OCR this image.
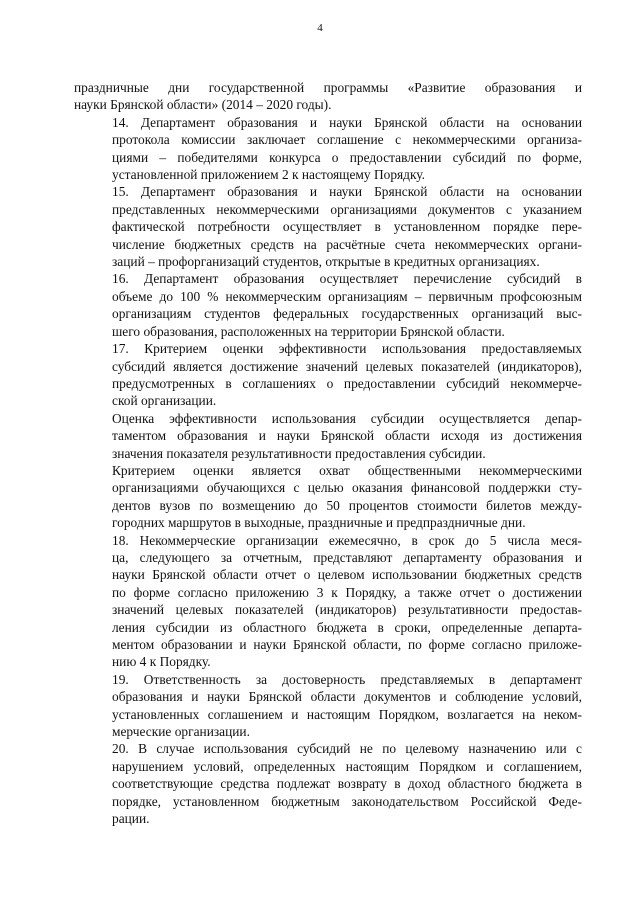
4

праздничные дни государственной программы «Развитие образования и
науки Брянской области» (2014 – 2020 годы).

14. Департамент образования и науки Брянской области на основании
протокола комиссии заключает соглашение с некоммерческими организа-
циями – победителями конкурса о предоставлении субсидий по форме,
установленной приложением 2 к настоящему Порядку.

15. Департамент образования и науки Брянской области на основании
представленных некоммерческими организациями документов с указанием
фактической потребности осуществляет в установленном порядке пере-
числение бюджетных средств на расчётные счета некоммерческих органи-
заций – профорганизаций студентов, открытые в кредитных организациях.

16. Департамент образования осуществляет перечисление субсидий в
объеме до 100 % некоммерческим организациям – первичным профсоюзным
организациям студентов федеральных государственных организаций выс-
шего образования, расположенных на территории Брянской области.

17. Критерием оценки эффективности использования предоставляемых
субсидий является достижение значений целевых показателей (индикаторов),
предусмотренных в соглашениях о предоставлении субсидий некоммерче-
ской организации.

Оценка эффективности использования субсидии осуществляется депар-
таментом образования и науки Брянской области исходя из достижения
значения показателя результативности предоставления субсидии.

Критерием оценки является охват общественными некоммерческими
организациями обучающихся с целью оказания финансовой поддержки сту-
дентов вузов по возмещению до 50 процентов стоимости билетов между-
городних маршрутов в выходные, праздничные и предпраздничные дни.

18. Некоммерческие организации ежемесячно, в срок до 5 числа меся-
ца, следующего за отчетным, представляют департаменту образования и
науки Брянской области отчет о целевом использовании бюджетных средств
по форме согласно приложению 3 к Порядку, а также отчет о достижении
значений целевых показателей (индикаторов) результативности предостав-
ления субсидии из областного бюджета в сроки, определенные департа-
ментом образовании и науки Брянской области, по форме согласно приложе-
нию 4 к Порядку.

19. Ответственность за достоверность представляемых в департамент
образования и науки Брянской области документов и соблюдение условий,
установленных соглашением и настоящим Порядком, возлагается на неком-
мерческие организации.

20. В случае использования субсидий не по целевому назначению или с
нарушением условий, определенных настоящим Порядком и соглашением,
соответствующие средства подлежат возврату в доход областного бюджета в
порядке, установленном бюджетным законодательством Российской Феде-
рации.
